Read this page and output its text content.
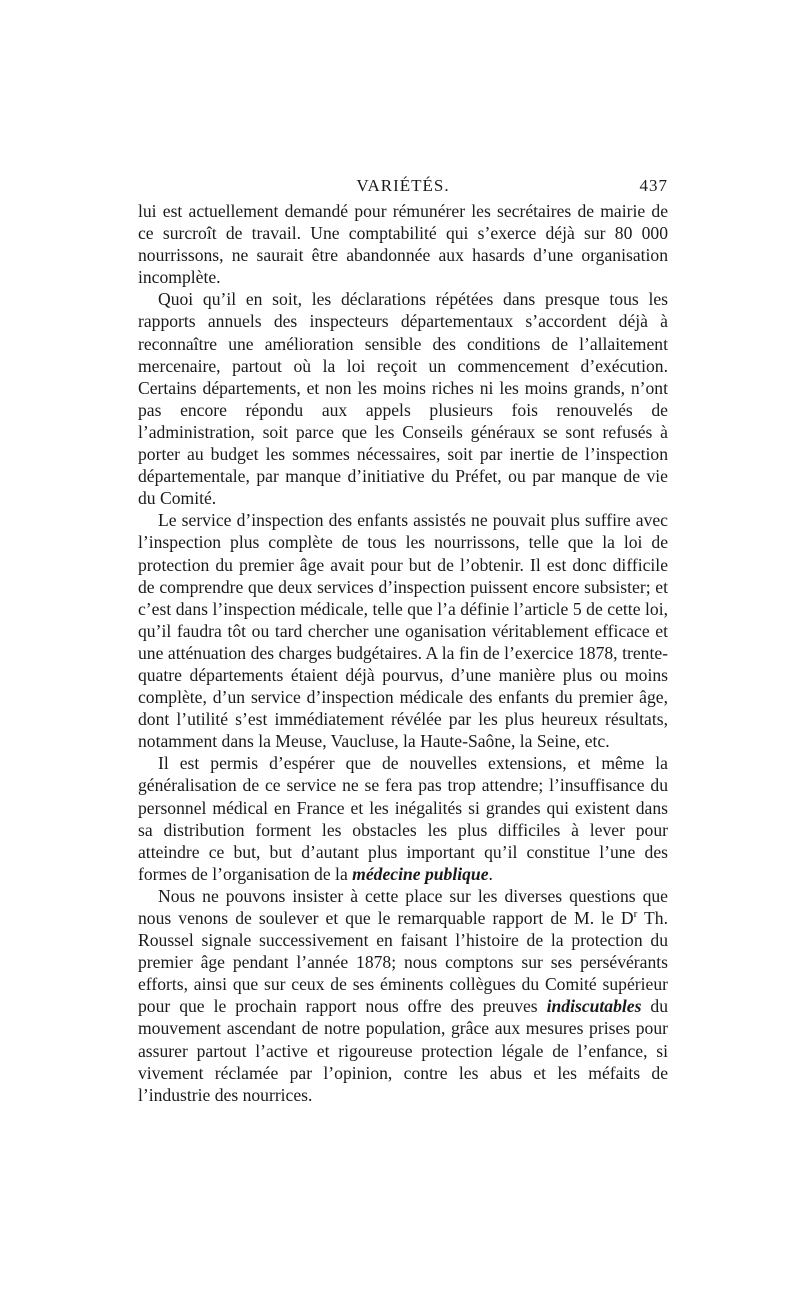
VARIÉTÉS.	437

lui est actuellement demandé pour rémunérer les secrétaires de mairie de ce surcroît de travail. Une comptabilité qui s’exerce déjà sur 80 000 nourrissons, ne saurait être abandonnée aux hasards d’une organisation incomplète.

Quoi qu’il en soit, les déclarations répétées dans presque tous les rapports annuels des inspecteurs départementaux s’accordent déjà à reconnaître une amélioration sensible des conditions de l’allaitement mercenaire, partout où la loi reçoit un commencement d’exécution. Certains départements, et non les moins riches ni les moins grands, n’ont pas encore répondu aux appels plusieurs fois renouvelés de l’administration, soit parce que les Conseils généraux se sont refusés à porter au budget les sommes nécessaires, soit par inertie de l’inspection départementale, par manque d’initiative du Préfet, ou par manque de vie du Comité.

Le service d’inspection des enfants assistés ne pouvait plus suffire avec l’inspection plus complète de tous les nourrissons, telle que la loi de protection du premier âge avait pour but de l’obtenir. Il est donc difficile de comprendre que deux services d’inspection puissent encore subsister; et c’est dans l’inspection médicale, telle que l’a définie l’article 5 de cette loi, qu’il faudra tôt ou tard chercher une oganisation véritablement efficace et une atténuation des charges budgétaires. A la fin de l’exercice 1878, trente-quatre départements étaient déjà pourvus, d’une manière plus ou moins complète, d’un service d’inspection médicale des enfants du premier âge, dont l’utilité s’est immédiatement révélée par les plus heureux résultats, notamment dans la Meuse, Vaucluse, la Haute-Saône, la Seine, etc.

Il est permis d’espérer que de nouvelles extensions, et même la généralisation de ce service ne se fera pas trop attendre; l’insuffisance du personnel médical en France et les inégalités si grandes qui existent dans sa distribution forment les obstacles les plus difficiles à lever pour atteindre ce but, but d’autant plus important qu’il constitue l’une des formes de l’organisation de la médecine publique.

Nous ne pouvons insister à cette place sur les diverses questions que nous venons de soulever et que le remarquable rapport de M. le $D^r$ Th. Roussel signale successivement en faisant l’histoire de la protection du premier âge pendant l’année 1878; nous comptons sur ses persévérants efforts, ainsi que sur ceux de ses éminents collègues du Comité supérieur pour que le prochain rapport nous offre des preuves indiscutables du mouvement ascendant de notre population, grâce aux mesures prises pour assurer partout l’active et rigoureuse protection légale de l’enfance, si vivement réclamée par l’opinion, contre les abus et les méfaits de l’industrie des nourrices.
